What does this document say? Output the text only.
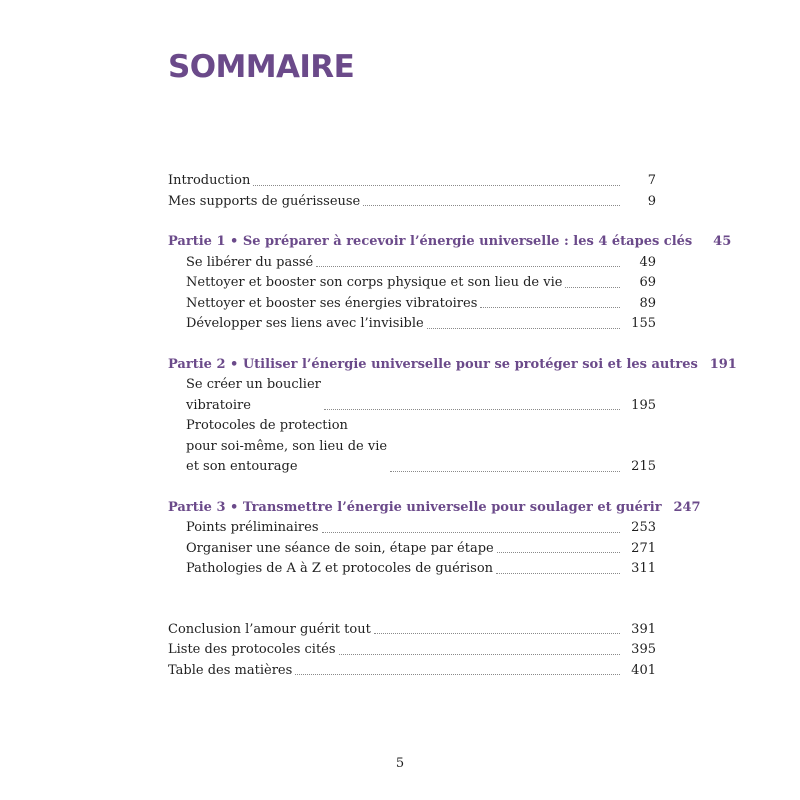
SOMMAIRE
Introduction	7
Mes supports de guérisseuse	9
Partie 1 • Se préparer à recevoir l’énergie universelle : les 4 étapes clés	45
Se libérer du passé	49
Nettoyer et booster son corps physique et son lieu de vie	69
Nettoyer et booster ses énergies vibratoires	89
Développer ses liens avec l’invisible	155
Partie 2 • Utiliser l’énergie universelle pour se protéger soi et les autres 191
Se créer un bouclier
vibratoire	195
Protocoles de protection
pour soi-même, son lieu de vie
et son entourage	215
Partie 3 • Transmettre l’énergie universelle pour soulager et guérir 247
Points préliminaires	253
Organiser une séance de soin, étape par étape	271
Pathologies de A à Z et protocoles de guérison	311
Conclusion l’amour guérit tout	391
Liste des protocoles cités	395
Table des matières	401
5
